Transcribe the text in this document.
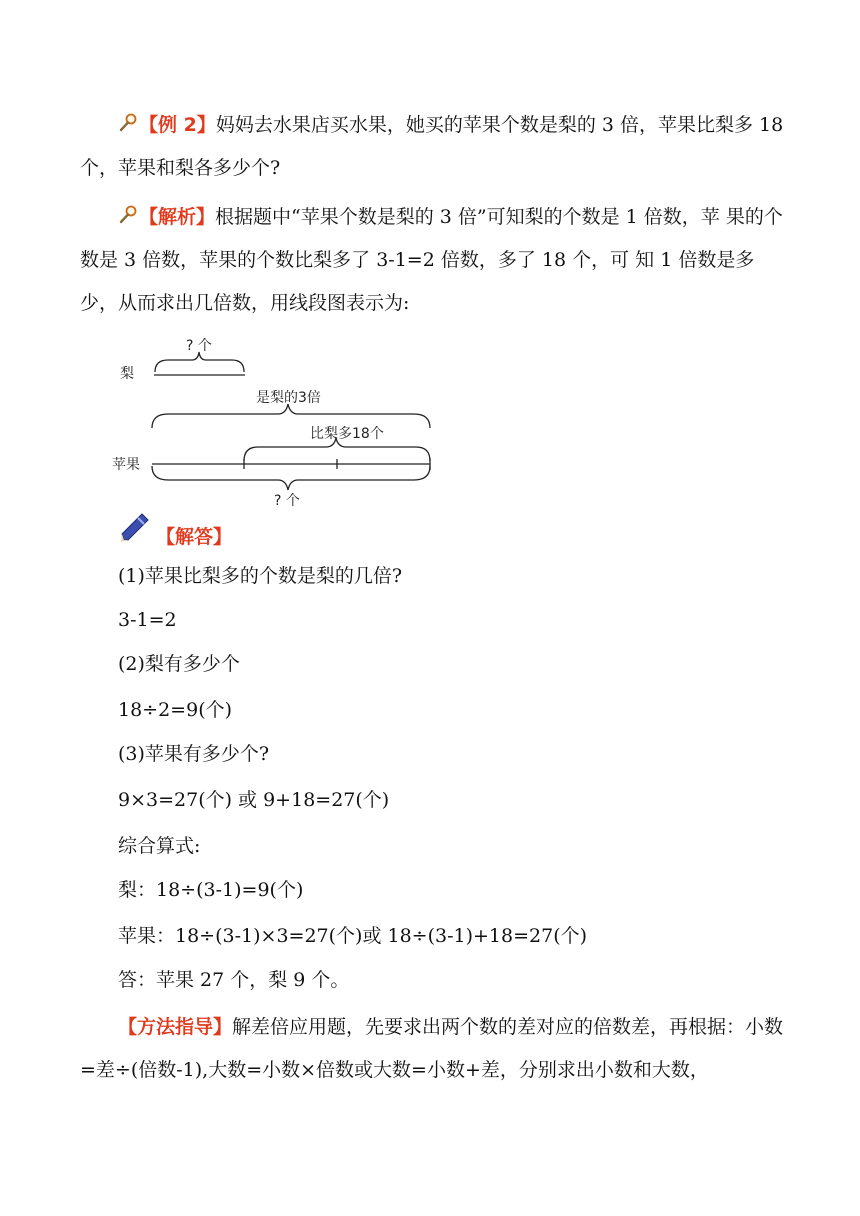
【例 2】妈妈去水果店买水果，她买的苹果个数是梨的 3 倍，苹果比梨多 18 个，苹果和梨各多少个?

【解析】根据题中“苹果个数是梨的 3 倍”可知梨的个数是 1 倍数，苹 果的个数是 3 倍数，苹果的个数比梨多了 3-1=2 倍数，多了 18 个，可 知 1 倍数是多少，从而求出几倍数，用线段图表示为:

? 个
梨
是梨的3倍
比梨多18个
苹果
? 个
【解答】
(1)苹果比梨多的个数是梨的几倍?
3-1=2
(2)梨有多少个
18÷2=9(个)
(3)苹果有多少个?
9×3=27(个) 或 9+18=27(个)
综合算式:
梨：18÷(3-1)=9(个)
苹果：18÷(3-1)×3=27(个)或 18÷(3-1)+18=27(个)
答：苹果 27 个，梨 9 个。

【方法指导】解差倍应用题，先要求出两个数的差对应的倍数差，再根据：小数=差÷(倍数-1),大数=小数×倍数或大数=小数+差，分别求出小数和大数，
